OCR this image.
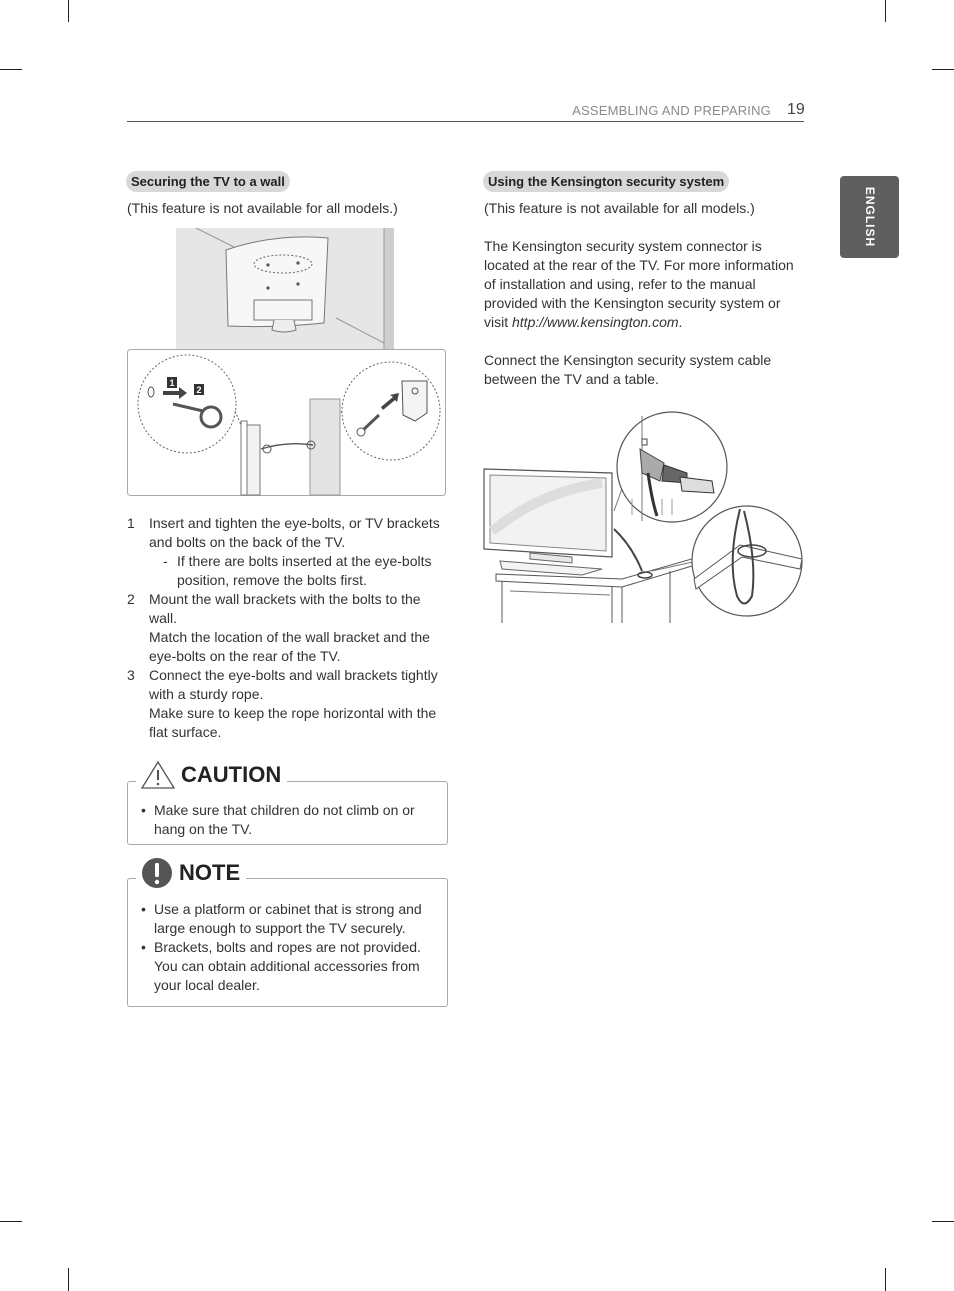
ASSEMBLING AND PREPARING 19
ENGLISH
Securing the TV to a wall
(This feature is not available for all models.)
1
2
1	Insert and tighten the eye-bolts, or TV brackets and bolts on the back of the TV.
- If there are bolts inserted at the eye-bolts position, remove the bolts first.
2	Mount the wall brackets with the bolts to the wall.
Match the location of the wall bracket and the eye-bolts on the rear of the TV.
3	Connect the eye-bolts and wall brackets tightly with a sturdy rope.
Make sure to keep the rope horizontal with the flat surface.
• Make sure that children do not climb on or hang on the TV.
CAUTION
• Use a platform or cabinet that is strong and large enough to support the TV securely.
• Brackets, bolts and ropes are not provided. You can obtain additional accessories from your local dealer.
NOTE
Using the Kensington security system
(This feature is not available for all models.)
The Kensington security system connector is located at the rear of the TV. For more information of installation and using, refer to the manual provided with the Kensington security system or visit http://www.kensington.com.
Connect the Kensington security system cable between the TV and a table.
